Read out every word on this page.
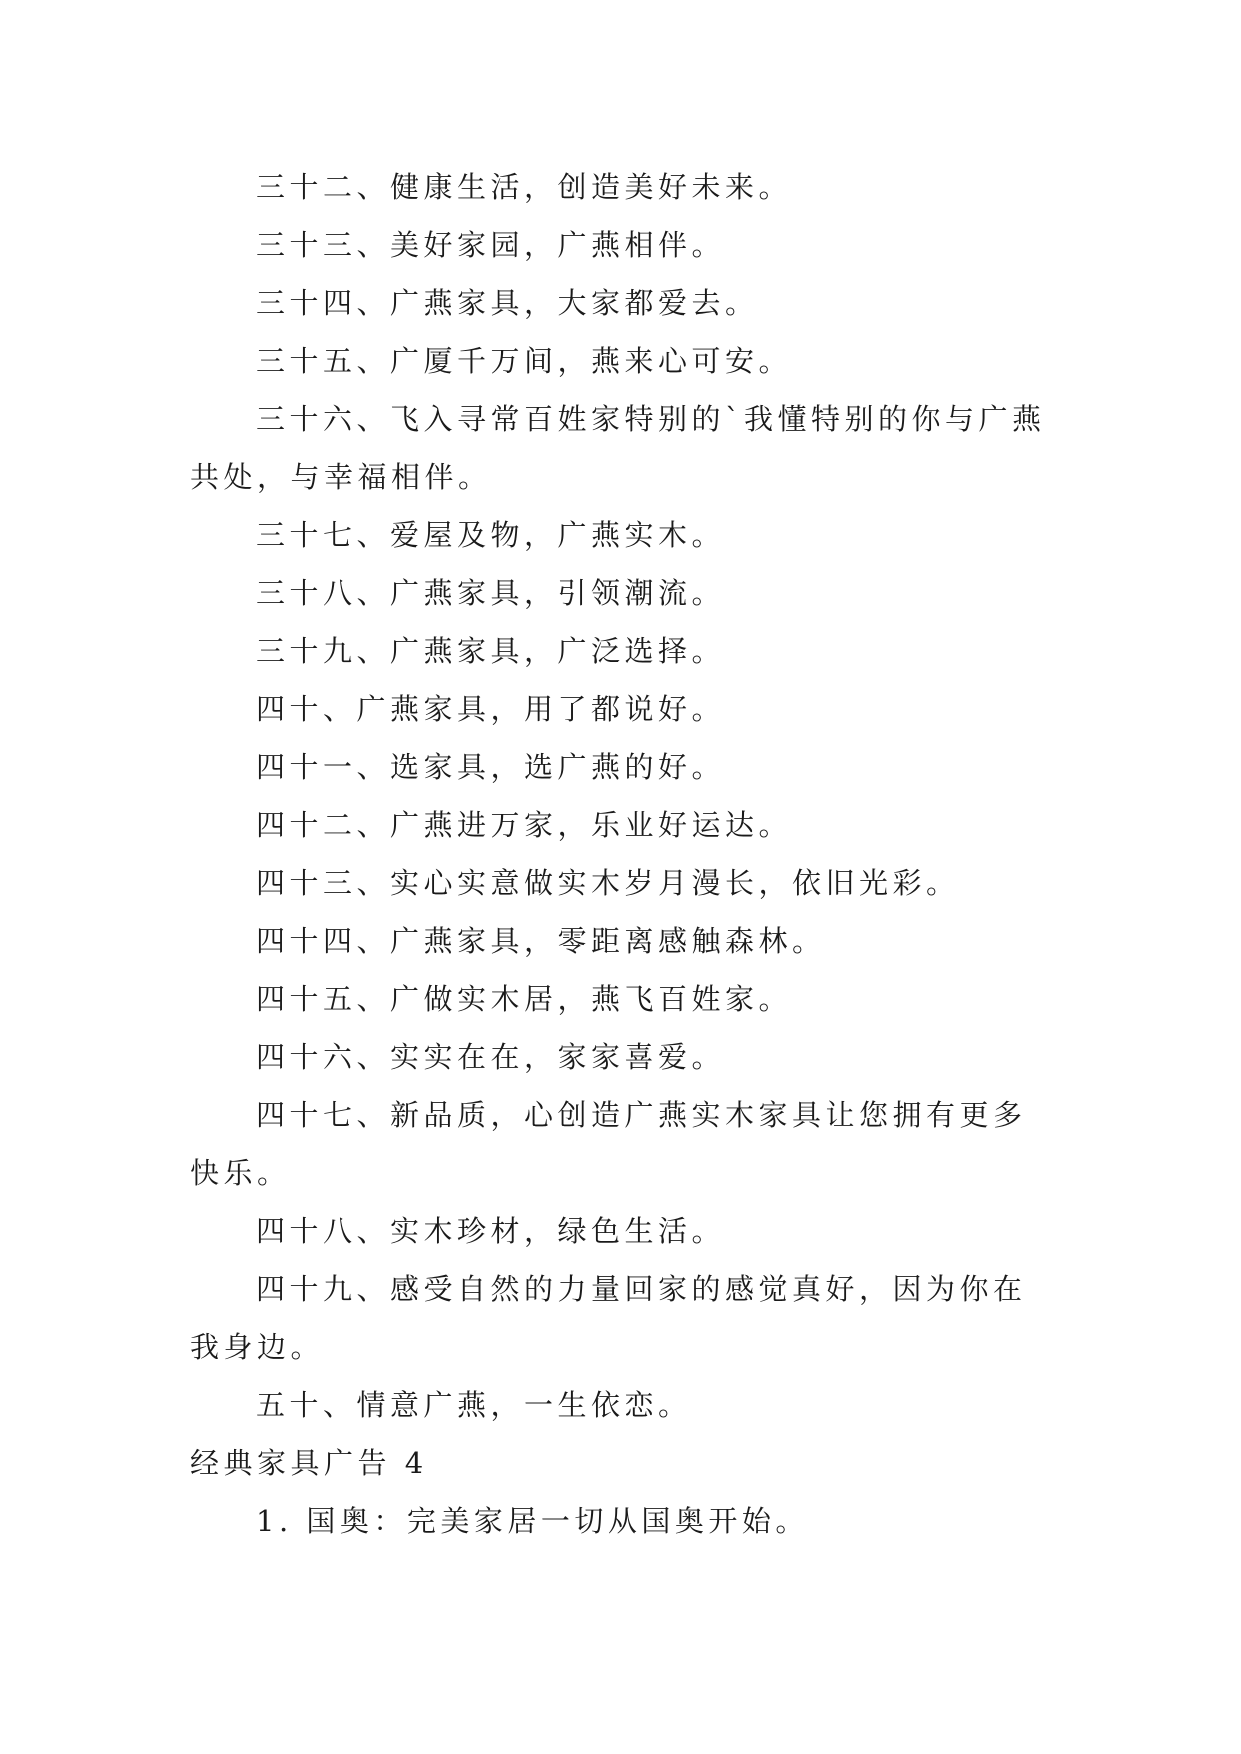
三十二、健康生活，创造美好未来。

三十三、美好家园，广燕相伴。

三十四、广燕家具，大家都爱去。

三十五、广厦千万间，燕来心可安。

三十六、飞入寻常百姓家特别的`我懂特别的你与广燕共处，与幸福相伴。

三十七、爱屋及物，广燕实木。

三十八、广燕家具，引领潮流。

三十九、广燕家具，广泛选择。

四十、广燕家具，用了都说好。

四十一、选家具，选广燕的好。

四十二、广燕进万家，乐业好运达。

四十三、实心实意做实木岁月漫长，依旧光彩。

四十四、广燕家具，零距离感触森林。

四十五、广做实木居，燕飞百姓家。

四十六、实实在在，家家喜爱。

四十七、新品质，心创造广燕实木家具让您拥有更多快乐。

四十八、实木珍材，绿色生活。

四十九、感受自然的力量回家的感觉真好，因为你在我身边。

五十、情意广燕，一生依恋。

经典家具广告 4

1. 国奥：完美家居一切从国奥开始。
